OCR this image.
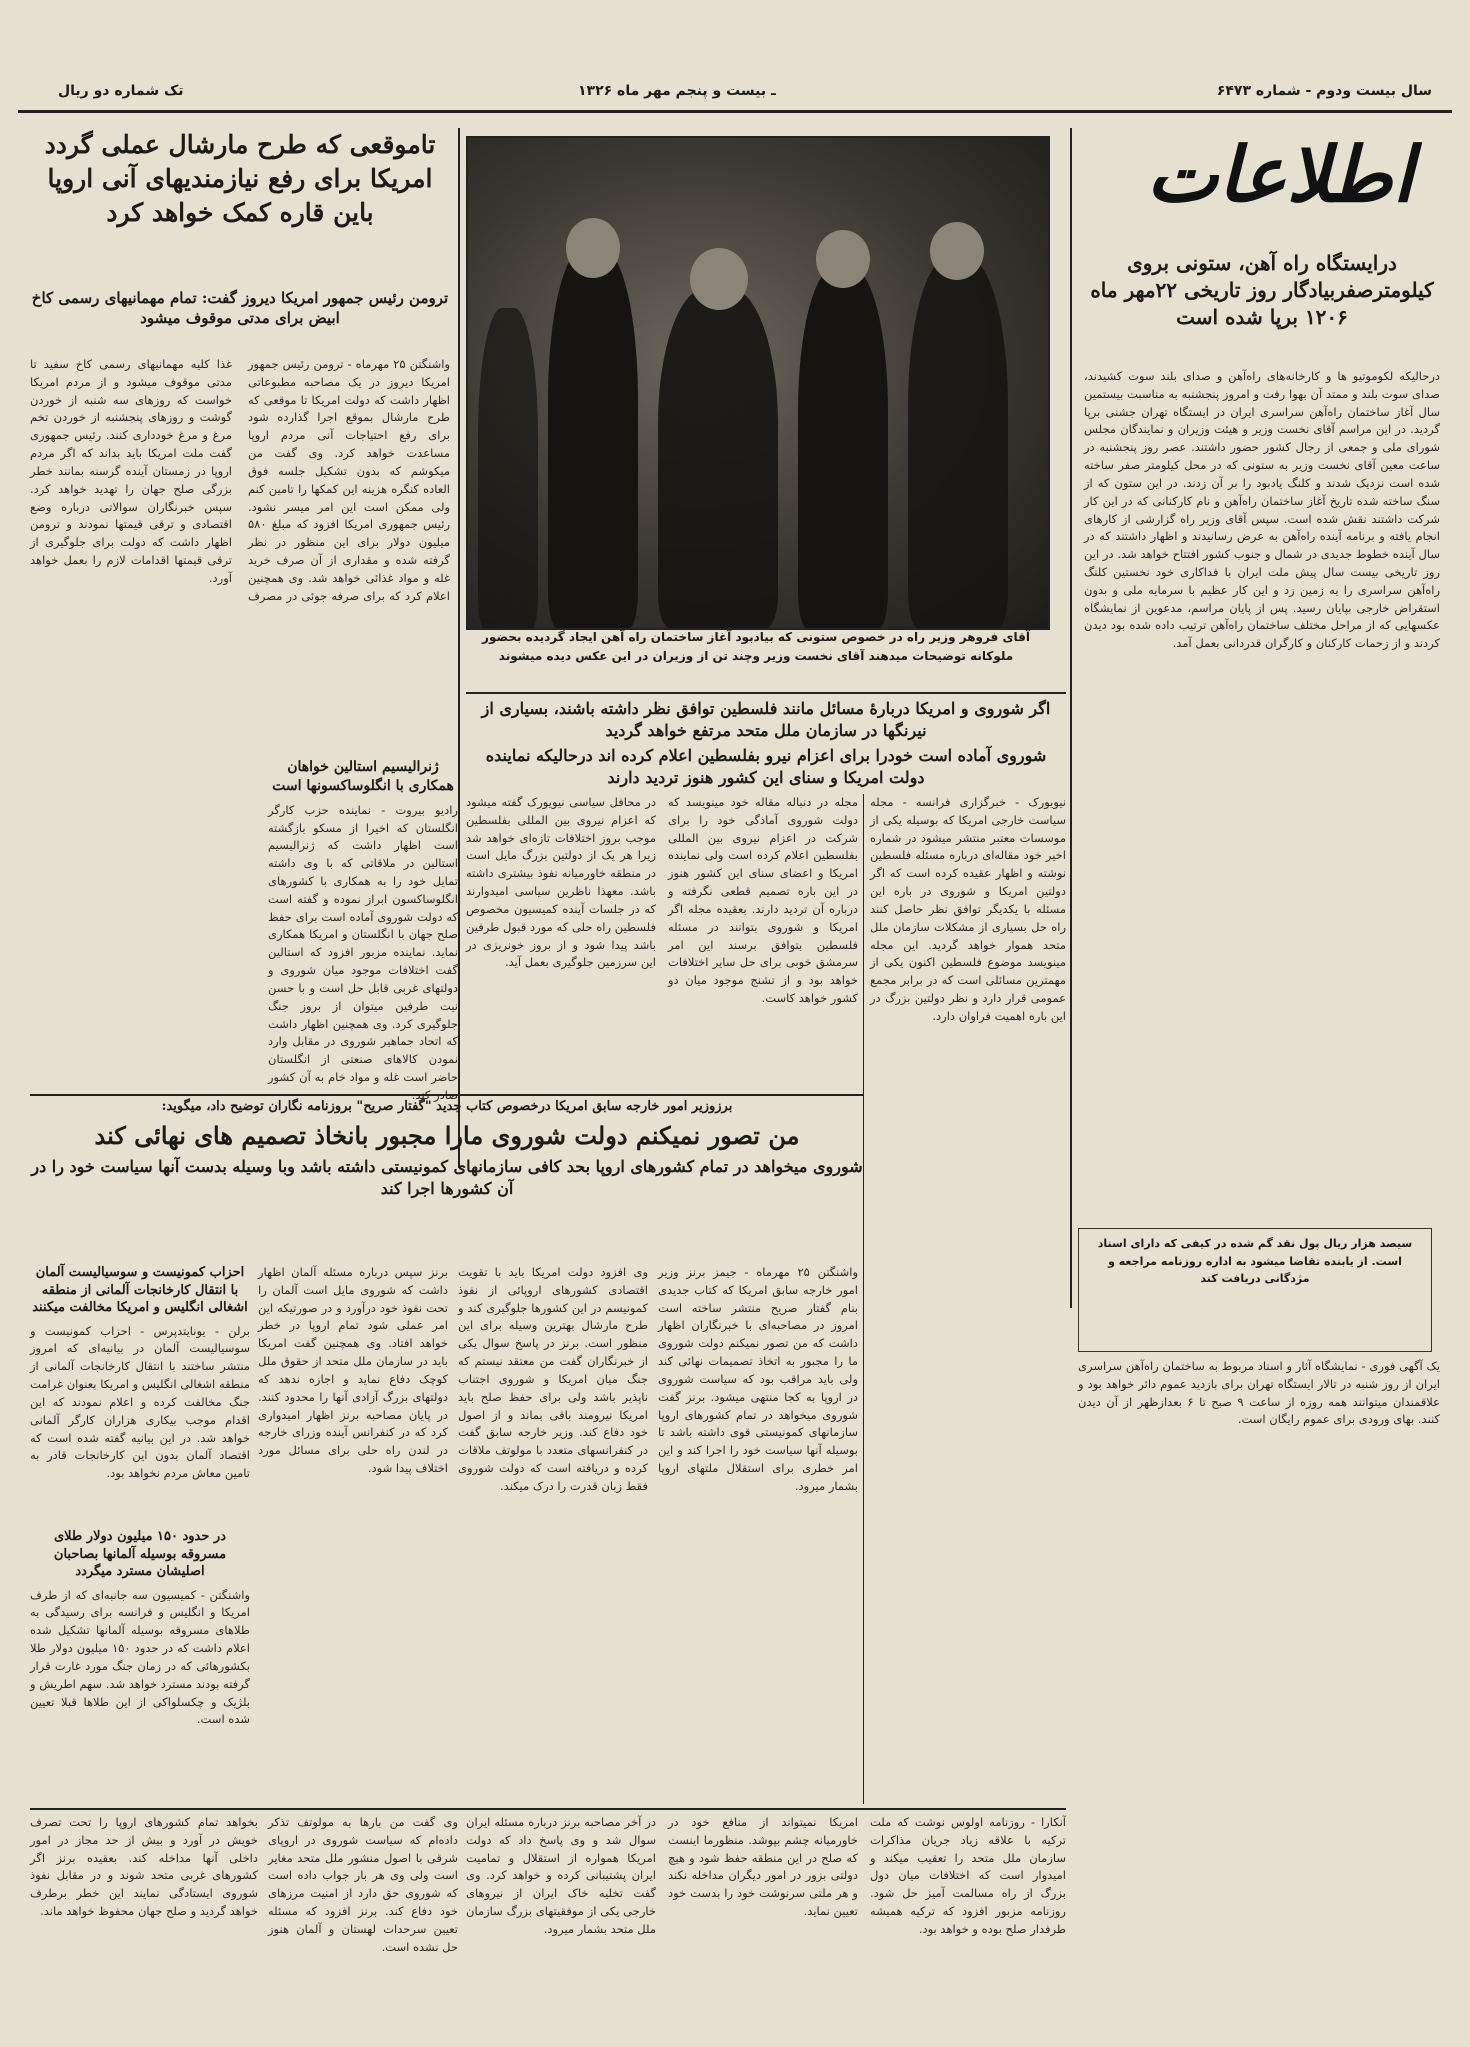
سال بیست ودوم - شماره ۶۴۷۳
ـ بیست و پنجم مهر ماه ۱۳۲۶
تک شماره دو ریال
اطلاعات
درایستگاه راه آهن، ستونی بروی کیلومترصفربیادگار روز تاریخی ۲۲مهر ماه ۱۲۰۶ برپا شده است

درحالیکه لکوموتیو ها و کارخانه‌های راه‌آهن و صدای بلند سوت کشیدند، صدای سوت بلند و ممتد آن بهوا رفت و امروز پنجشنبه به مناسبت بیستمین سال آغاز ساختمان راه‌آهن سراسری ایران در ایستگاه تهران جشنی برپا گردید. در این مراسم آقای نخست وزیر و هیئت وزیران و نمایندگان مجلس شورای ملی و جمعی از رجال کشور حضور داشتند. عصر روز پنجشنبه در ساعت معین آقای نخست وزیر به ستونی که در محل کیلومتر صفر ساخته شده است نزدیک شدند و کلنگ یادبود را بر آن زدند. در این ستون که از سنگ ساخته شده تاریخ آغاز ساختمان راه‌آهن و نام کارکنانی که در این کار شرکت داشتند نقش شده است. سپس آقای وزیر راه گزارشی از کارهای انجام یافته و برنامه آینده راه‌آهن به عرض رسانیدند و اظهار داشتند که در سال آینده خطوط جدیدی در شمال و جنوب کشور افتتاح خواهد شد. در این روز تاریخی بیست سال پیش ملت ایران با فداکاری خود نخستین کلنگ راه‌آهن سراسری را به زمین زد و این کار عظیم با سرمایه ملی و بدون استقراض خارجی بپایان رسید. پس از پایان مراسم، مدعوین از نمایشگاه عکسهایی که از مراحل مختلف ساختمان راه‌آهن ترتیب داده شده بود دیدن کردند و از زحمات کارکنان و کارگران قدردانی بعمل آمد.

آقای فروهر وزیر راه در خصوص ستونی که بیادبود آغاز ساختمان راه آهن ایجاد گردیده بحضور ملوکانه توضیحات میدهند آقای نخست وزیر وچند تن از وزیران در این عکس دیده میشوند
تاموقعی که طرح مارشال عملی گردد امریکا برای رفع نیازمندیهای آنی اروپا باین قاره کمک خواهد کرد
ترومن رئیس جمهور امریکا دیروز گفت: تمام مهمانیهای رسمی کاخ ابیض برای مدتی موقوف میشود

واشنگتن ۲۵ مهرماه - ترومن رئیس جمهور امریکا دیروز در یک مصاحبه مطبوعاتی اظهار داشت که دولت امریکا تا موقعی که طرح مارشال بموقع اجرا گذارده شود برای رفع احتیاجات آنی مردم اروپا مساعدت خواهد کرد. وی گفت من میکوشم که بدون تشکیل جلسه فوق العاده کنگره هزینه این کمکها را تامین کنم ولی ممکن است این امر میسر نشود. رئیس جمهوری امریکا افزود که مبلغ ۵۸۰ میلیون دولار برای این منظور در نظر گرفته شده و مقداری از آن صرف خرید غله و مواد غذائی خواهد شد. وی همچنین اعلام کرد که برای صرفه جوئی در مصرف غذا کلیه مهمانیهای رسمی کاخ سفید تا مدتی موقوف میشود و از مردم امریکا خواست که روزهای سه شنبه از خوردن گوشت و روزهای پنجشنبه از خوردن تخم مرغ و مرغ خودداری کنند. رئیس جمهوری گفت ملت امریکا باید بداند که اگر مردم اروپا در زمستان آینده گرسنه بمانند خطر بزرگی صلح جهان را تهدید خواهد کرد. سپس خبرنگاران سوالاتی درباره وضع اقتصادی و ترقی قیمتها نمودند و ترومن اظهار داشت که دولت برای جلوگیری از ترقی قیمتها اقدامات لازم را بعمل خواهد آورد.

اگر شوروی و امریکا دربارۀ مسائل مانند فلسطین توافق نظر داشته باشند، بسیاری از نیرنگها در سازمان ملل متحد مرتفع خواهد گردید
شوروی آماده است خودرا برای اعزام نیرو بفلسطین اعلام کرده اند درحالیکه نماینده دولت امریکا و سنای این کشور هنوز تردید دارند

نیویورک - خبرگزاری فرانسه - مجله سیاست خارجی امریکا که بوسیله یکی از موسسات معتبر منتشر میشود در شماره اخیر خود مقاله‌ای درباره مسئله فلسطین نوشته و اظهار عقیده کرده است که اگر دولتین امریکا و شوروی در باره این مسئله با یکدیگر توافق نظر حاصل کنند راه حل بسیاری از مشکلات سازمان ملل متحد هموار خواهد گردید. این مجله مینویسد موضوع فلسطین اکنون یکی از مهمترین مسائلی است که در برابر مجمع عمومی قرار دارد و نظر دولتین بزرگ در این باره اهمیت فراوان دارد.

مجله در دنباله مقاله خود مینویسد که دولت شوروی آمادگی خود را برای شرکت در اعزام نیروی بین المللی بفلسطین اعلام کرده است ولی نماینده امریکا و اعضای سنای این کشور هنوز در این باره تصمیم قطعی نگرفته و درباره آن تردید دارند. بعقیده مجله اگر امریکا و شوروی بتوانند در مسئله فلسطین بتوافق برسند این امر سرمشق خوبی برای حل سایر اختلافات خواهد بود و از تشنج موجود میان دو کشور خواهد کاست.

در محافل سیاسی نیویورک گفته میشود که اعزام نیروی بین المللی بفلسطین موجب بروز اختلافات تازه‌ای خواهد شد زیرا هر یک از دولتین بزرگ مایل است در منطقه خاورمیانه نفوذ بیشتری داشته باشد. معهذا ناظرین سیاسی امیدوارند که در جلسات آینده کمیسیون مخصوص فلسطین راه حلی که مورد قبول طرفین باشد پیدا شود و از بروز خونریزی در این سرزمین جلوگیری بعمل آید.

ژنرالیسیم استالین خواهان همکاری با انگلوساکسونها است

رادیو بیروت - نماینده حزب کارگر انگلستان که اخیرا از مسکو بازگشته است اظهار داشت که ژنرالیسیم استالین در ملاقاتی که با وی داشته تمایل خود را به همکاری با کشورهای انگلوساکسون ابراز نموده و گفته است که دولت شوروی آماده است برای حفظ صلح جهان با انگلستان و امریکا همکاری نماید. نماینده مزبور افزود که استالین گفت اختلافات موجود میان شوروی و دولتهای غربی قابل حل است و با حسن نیت طرفین میتوان از بروز جنگ جلوگیری کرد. وی همچنین اظهار داشت که اتحاد جماهیر شوروی در مقابل وارد نمودن کالاهای صنعتی از انگلستان حاضر است غله و مواد خام به آن کشور

برزوزیر امور خارجه سابق امریکا درخصوص کتاب جدید "گفتار صریح" بروزنامه نگاران توضیح داد، میگوید:

من تصور نمیکنم دولت شوروی مارا مجبور بانخاذ تصمیم های نهائی کند
شوروی میخواهد در تمام کشورهای اروپا بحد کافی سازمانهای کمونیستی داشته باشد وبا وسیله بدست آنها سیاست خود را در آن کشورها اجرا کند

واشنگتن ۲۵ مهرماه - جیمز برنز وزیر امور خارجه سابق امریکا که کتاب جدیدی بنام گفتار صریح منتشر ساخته است امروز در مصاحبه‌ای با خبرنگاران اظهار داشت که من تصور نمیکنم دولت شوروی ما را مجبور به اتخاذ تصمیمات نهائی کند ولی باید مراقب بود که سیاست شوروی در اروپا به کجا منتهی میشود. برنز گفت شوروی میخواهد در تمام کشورهای اروپا سازمانهای کمونیستی قوی داشته باشد تا بوسیله آنها سیاست خود را اجرا کند و این امر خطری برای استقلال ملتهای اروپا بشمار میرود.

وی افزود دولت امریکا باید با تقویت اقتصادی کشورهای اروپائی از نفوذ کمونیسم در این کشورها جلوگیری کند و طرح مارشال بهترین وسیله برای این منظور است. برنز در پاسخ سوال یکی از خبرنگاران گفت من معتقد نیستم که جنگ میان امریکا و شوروی اجتناب ناپذیر باشد ولی برای حفظ صلح باید امریکا نیرومند باقی بماند و از اصول خود دفاع کند. وزیر خارجه سابق گفت در کنفرانسهای متعدد با مولوتف ملاقات کرده و دریافته است که دولت شوروی فقط زبان قدرت را درک میکند.

برنز سپس درباره مسئله آلمان اظهار داشت که شوروی مایل است آلمان را تحت نفوذ خود درآورد و در صورتیکه این امر عملی شود تمام اروپا در خطر خواهد افتاد. وی همچنین گفت امریکا باید در سازمان ملل متحد از حقوق ملل کوچک دفاع نماید و اجازه ندهد که دولتهای بزرگ آزادی آنها را محدود کنند. در پایان مصاحبه برنز اظهار امیدواری کرد که در کنفرانس آینده وزرای خارجه در لندن راه حلی برای مسائل مورد اختلاف پیدا شود.

احزاب کمونیست و سوسیالیست آلمان با انتقال کارخانجات آلمانی از منطقه اشغالی انگلیس و امریکا مخالفت میکنند

برلن - یونایتدپرس - احزاب کمونیست و سوسیالیست آلمان در بیانیه‌ای که امروز منتشر ساختند با انتقال کارخانجات آلمانی از منطقه اشغالی انگلیس و امریکا بعنوان غرامت جنگ مخالفت کرده و اعلام نمودند که این اقدام موجب بیکاری هزاران کارگر آلمانی خواهد شد. در این بیانیه گفته شده است که اقتصاد آلمان بدون این کارخانجات قادر به تامین معاش مردم نخواهد بود.

در حدود ۱۵۰ میلیون دولار طلای مسروقه بوسیله آلمانها بصاحبان اصلیشان مسترد میگردد

واشنگتن - کمیسیون سه جانبه‌ای که از طرف امریکا و انگلیس و فرانسه برای رسیدگی به طلاهای مسروقه بوسیله آلمانها تشکیل شده اعلام داشت که در حدود ۱۵۰ میلیون دولار طلا بکشورهائی که در زمان جنگ مورد غارت قرار گرفته بودند مسترد خواهد شد. سهم اطریش و بلژیک و چکسلواکی از این طلاها قبلا تعیین شده است.

یک آگهی فوری - نمایشگاه آثار و اسناد مربوط به ساختمان راه‌آهن سراسری ایران از روز شنبه در تالار ایستگاه تهران برای بازدید عموم دائر خواهد بود و علاقمندان میتوانند همه روزه از ساعت ۹ صبح تا ۶ بعدازظهر از آن دیدن کنند. بهای ورودی برای عموم رایگان است.

آنکارا - روزنامه اولوس نوشت که ملت ترکیه با علاقه زیاد جریان مذاکرات سازمان ملل متحد را تعقیب میکند و امیدوار است که اختلافات میان دول بزرگ از راه مسالمت آمیز حل شود. روزنامه مزبور افزود که ترکیه همیشه طرفدار صلح بوده و خواهد بود.

امریکا نمیتواند از منافع خود در خاورمیانه چشم بپوشد. منظورما اینست که صلح در این منطقه حفظ شود و هیچ دولتی بزور در امور دیگران مداخله نکند و هر ملتی سرنوشت خود را بدست خود تعیین نماید.

در آخر مصاحبه برنز درباره مسئله ایران سوال شد و وی پاسخ داد که دولت امریکا همواره از استقلال و تمامیت ایران پشتیبانی کرده و خواهد کرد. وی گفت تخلیه خاک ایران از نیروهای خارجی یکی از موفقیتهای بزرگ سازمان ملل متحد بشمار میرود.

وی گفت من بارها به مولوتف تذکر داده‌ام که سیاست شوروی در اروپای شرقی با اصول منشور ملل متحد مغایر است ولی وی هر بار جواب داده است که شوروی حق دارد از امنیت مرزهای خود دفاع کند. برنز افزود که مسئله تعیین سرحدات لهستان و آلمان هنوز حل نشده است.

بخواهد تمام کشورهای اروپا را تحت تصرف خویش در آورد و بیش از حد مجاز در امور داخلی آنها مداخله کند. بعقیده برنز اگر کشورهای غربی متحد شوند و در مقابل نفوذ شوروی ایستادگی نمایند این خطر برطرف خواهد گردید و صلح جهان محفوظ خواهد ماند.

سیصد هزار ریال پول نقد گم شده در کیفی که دارای اسناد است. از یابنده تقاضا میشود به اداره روزنامه مراجعه و مژدگانی دریافت کند
